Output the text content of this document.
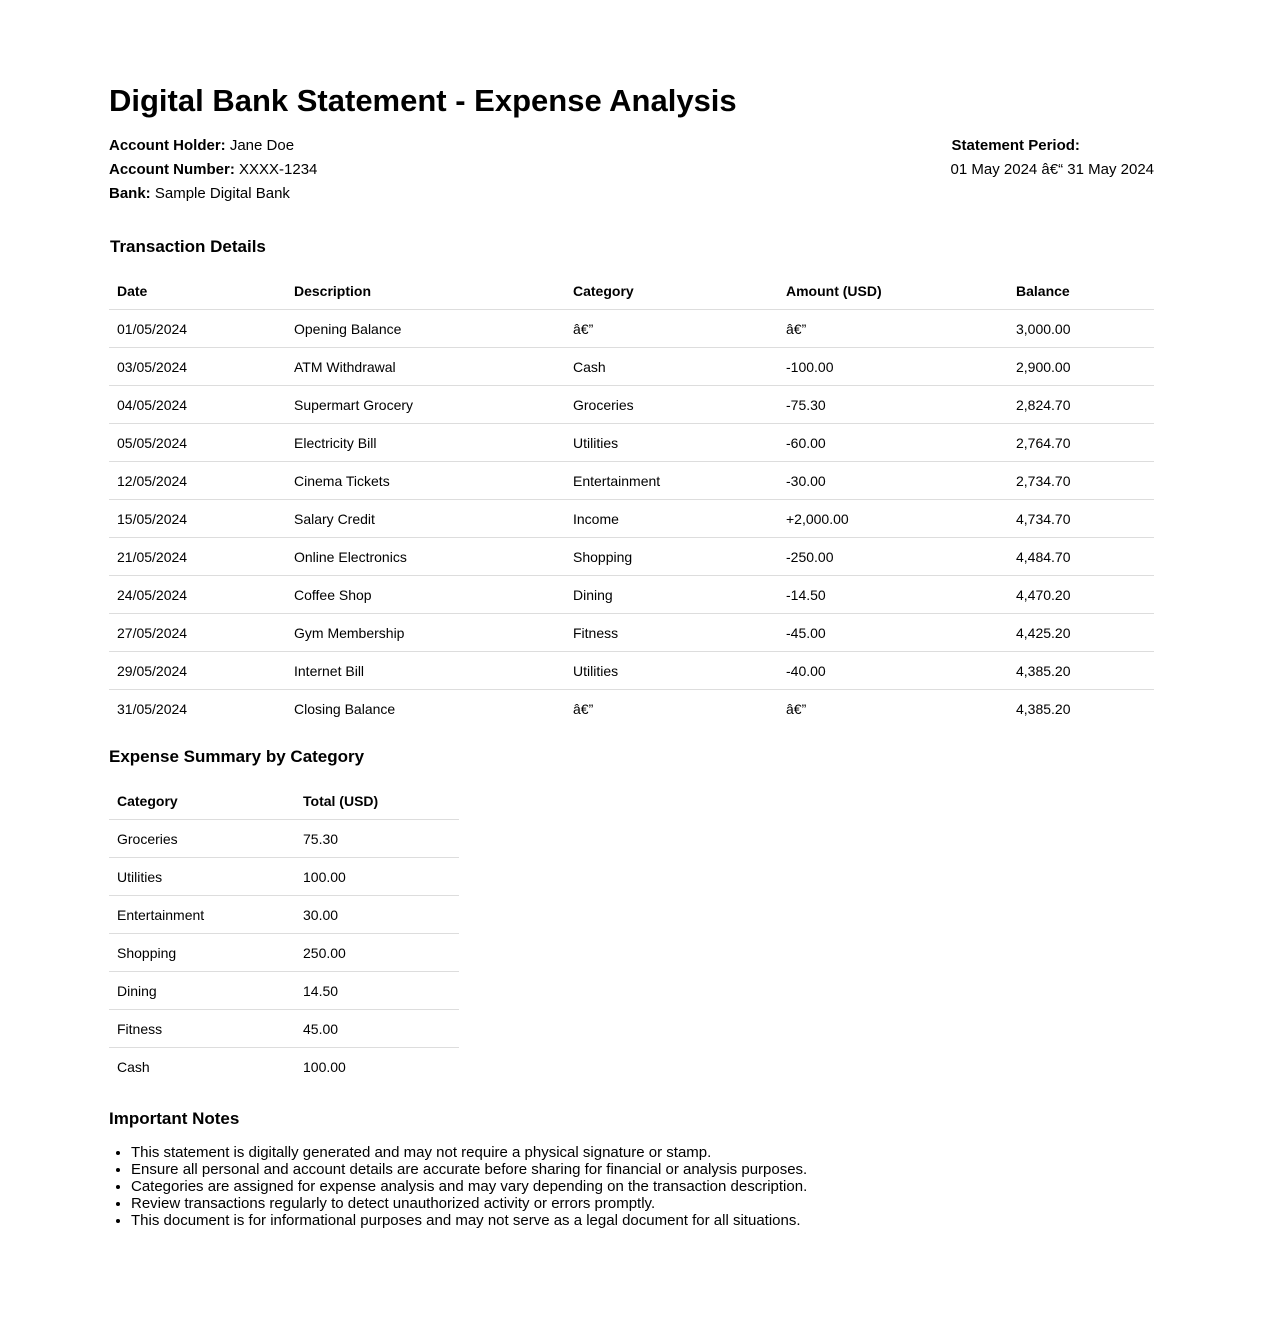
Digital Bank Statement - Expense Analysis
Account Holder: Jane Doe
Account Number: XXXX-1234
Bank: Sample Digital Bank
Statement Period:
01 May 2024 â€“ 31 May 2024
Transaction Details
Date	Description	Category	Amount (USD)	Balance
01/05/2024	Opening Balance	â€”	â€”	3,000.00
03/05/2024	ATM Withdrawal	Cash	-100.00	2,900.00
04/05/2024	Supermart Grocery	Groceries	-75.30	2,824.70
05/05/2024	Electricity Bill	Utilities	-60.00	2,764.70
12/05/2024	Cinema Tickets	Entertainment	-30.00	2,734.70
15/05/2024	Salary Credit	Income	+2,000.00	4,734.70
21/05/2024	Online Electronics	Shopping	-250.00	4,484.70
24/05/2024	Coffee Shop	Dining	-14.50	4,470.20
27/05/2024	Gym Membership	Fitness	-45.00	4,425.20
29/05/2024	Internet Bill	Utilities	-40.00	4,385.20
31/05/2024	Closing Balance	â€”	â€”	4,385.20
Expense Summary by Category
Category	Total (USD)
Groceries	75.30
Utilities	100.00
Entertainment	30.00
Shopping	250.00
Dining	14.50
Fitness	45.00
Cash	100.00
Important Notes
• This statement is digitally generated and may not require a physical signature or stamp.
• Ensure all personal and account details are accurate before sharing for financial or analysis purposes.
• Categories are assigned for expense analysis and may vary depending on the transaction description.
• Review transactions regularly to detect unauthorized activity or errors promptly.
• This document is for informational purposes and may not serve as a legal document for all situations.
